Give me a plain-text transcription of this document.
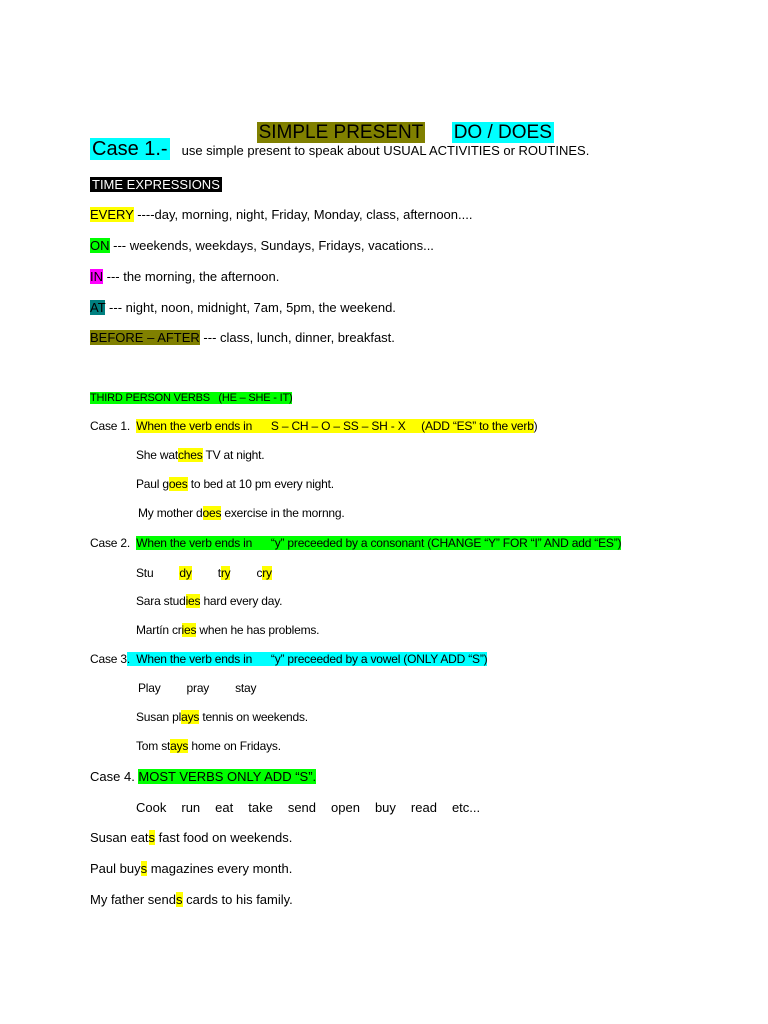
SIMPLE PRESENT DO / DOES

Case 1.- use simple present to speak about USUAL ACTIVITIES or ROUTINES.
TIME EXPRESSIONS
EVERY ----day, morning, night, Friday, Monday, class, afternoon....
ON --- weekends, weekdays, Sundays, Fridays, vacations...
IN --- the morning, the afternoon.
AT --- night, noon, midnight, 7am, 5pm, the weekend.
BEFORE – AFTER --- class, lunch, dinner, breakfast.
THIRD PERSON VERBS   (HE – SHE - IT)
Case 1.  When the verb ends in      S – CH – O – SS – SH - X     (ADD “ES” to the verb)
She watches TV at night.
Paul goes to bed at 10 pm every night.
My mother does exercise in the mornng.
Case 2.  When the verb ends in      “y” preceeded by a consonant (CHANGE “Y” FOR “I” AND add “ES”)
Stu dy try cry
Sara studies hard every day.
Martín cries when he has problems.
Case 3.  When the verb ends in      “y” preceeded by a vowel (ONLY ADD “S”)
Play pray stay
Susan plays tennis on weekends.
Tom stays home on Fridays.
Case 4. MOST VERBS ONLY ADD “S”.
Cook run eat take send open buy read etc...
Susan eats fast food on weekends.
Paul buys magazines every month.
My father sends cards to his family.
